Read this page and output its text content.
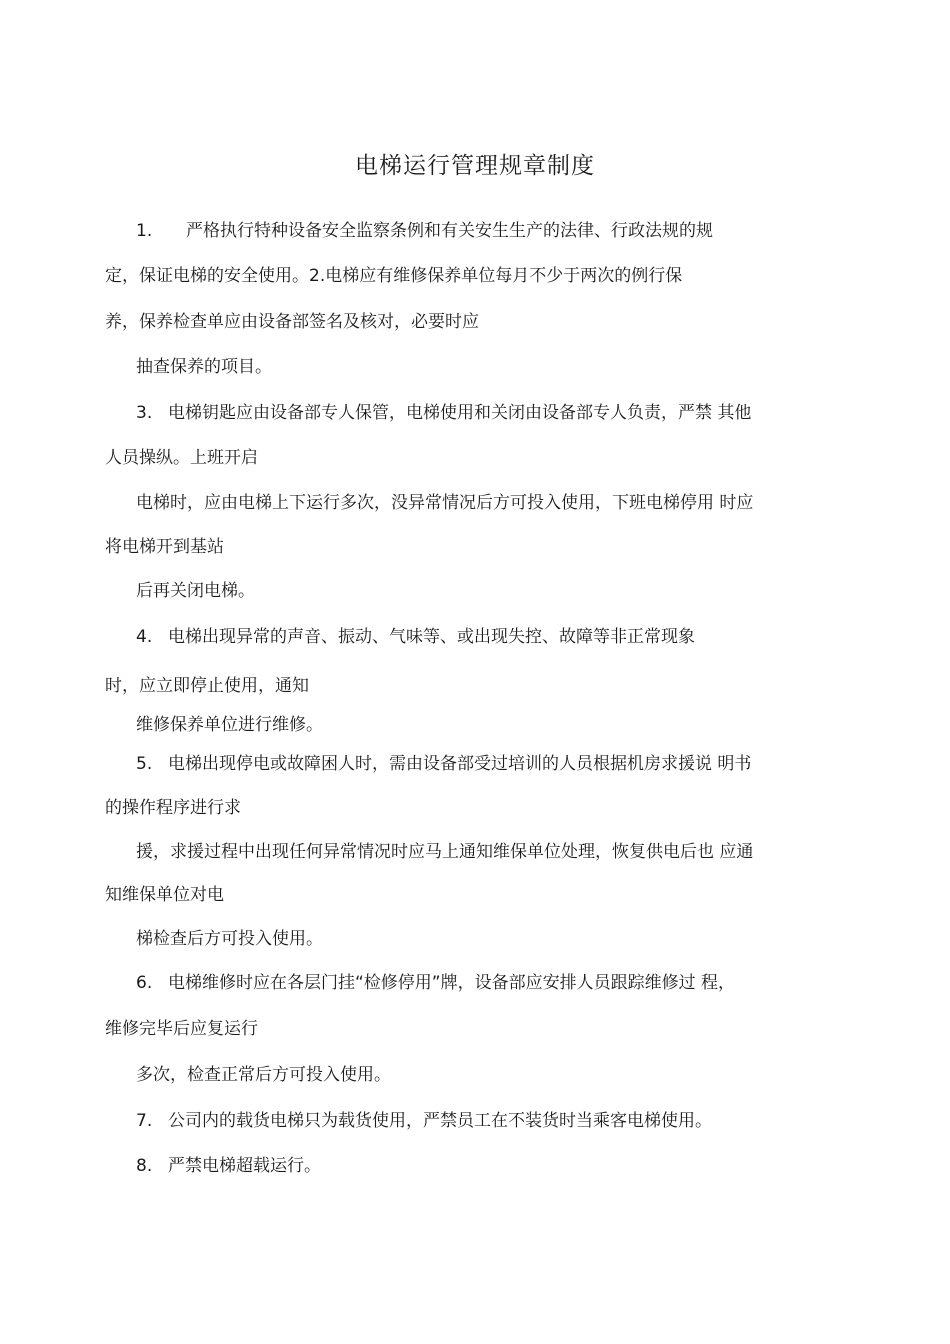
电梯运行管理规章制度
1. 严格执行特种设备安全监察条例和有关安生生产的法律、行政法规的规
定，保证电梯的安全使用。2.电梯应有维修保养单位每月不少于两次的例行保
养，保养检查单应由设备部签名及核对，必要时应
抽查保养的项目。
3. 电梯钥匙应由设备部专人保管，电梯使用和关闭由设备部专人负责，严禁 其他
人员操纵。上班开启
电梯时，应由电梯上下运行多次，没异常情况后方可投入使用，下班电梯停用 时应
将电梯开到基站
后再关闭电梯。
4. 电梯出现异常的声音、振动、气味等、或出现失控、故障等非正常现象
时，应立即停止使用，通知
维修保养单位进行维修。
5. 电梯出现停电或故障困人时，需由设备部受过培训的人员根据机房求援说 明书
的操作程序进行求
援，求援过程中出现任何异常情况时应马上通知维保单位处理，恢复供电后也 应通
知维保单位对电
梯检查后方可投入使用。
6. 电梯维修时应在各层门挂“检修停用”牌，设备部应安排人员跟踪维修过 程，
维修完毕后应复运行
多次，检查正常后方可投入使用。
7. 公司内的载货电梯只为载货使用，严禁员工在不装货时当乘客电梯使用。
8. 严禁电梯超载运行。
